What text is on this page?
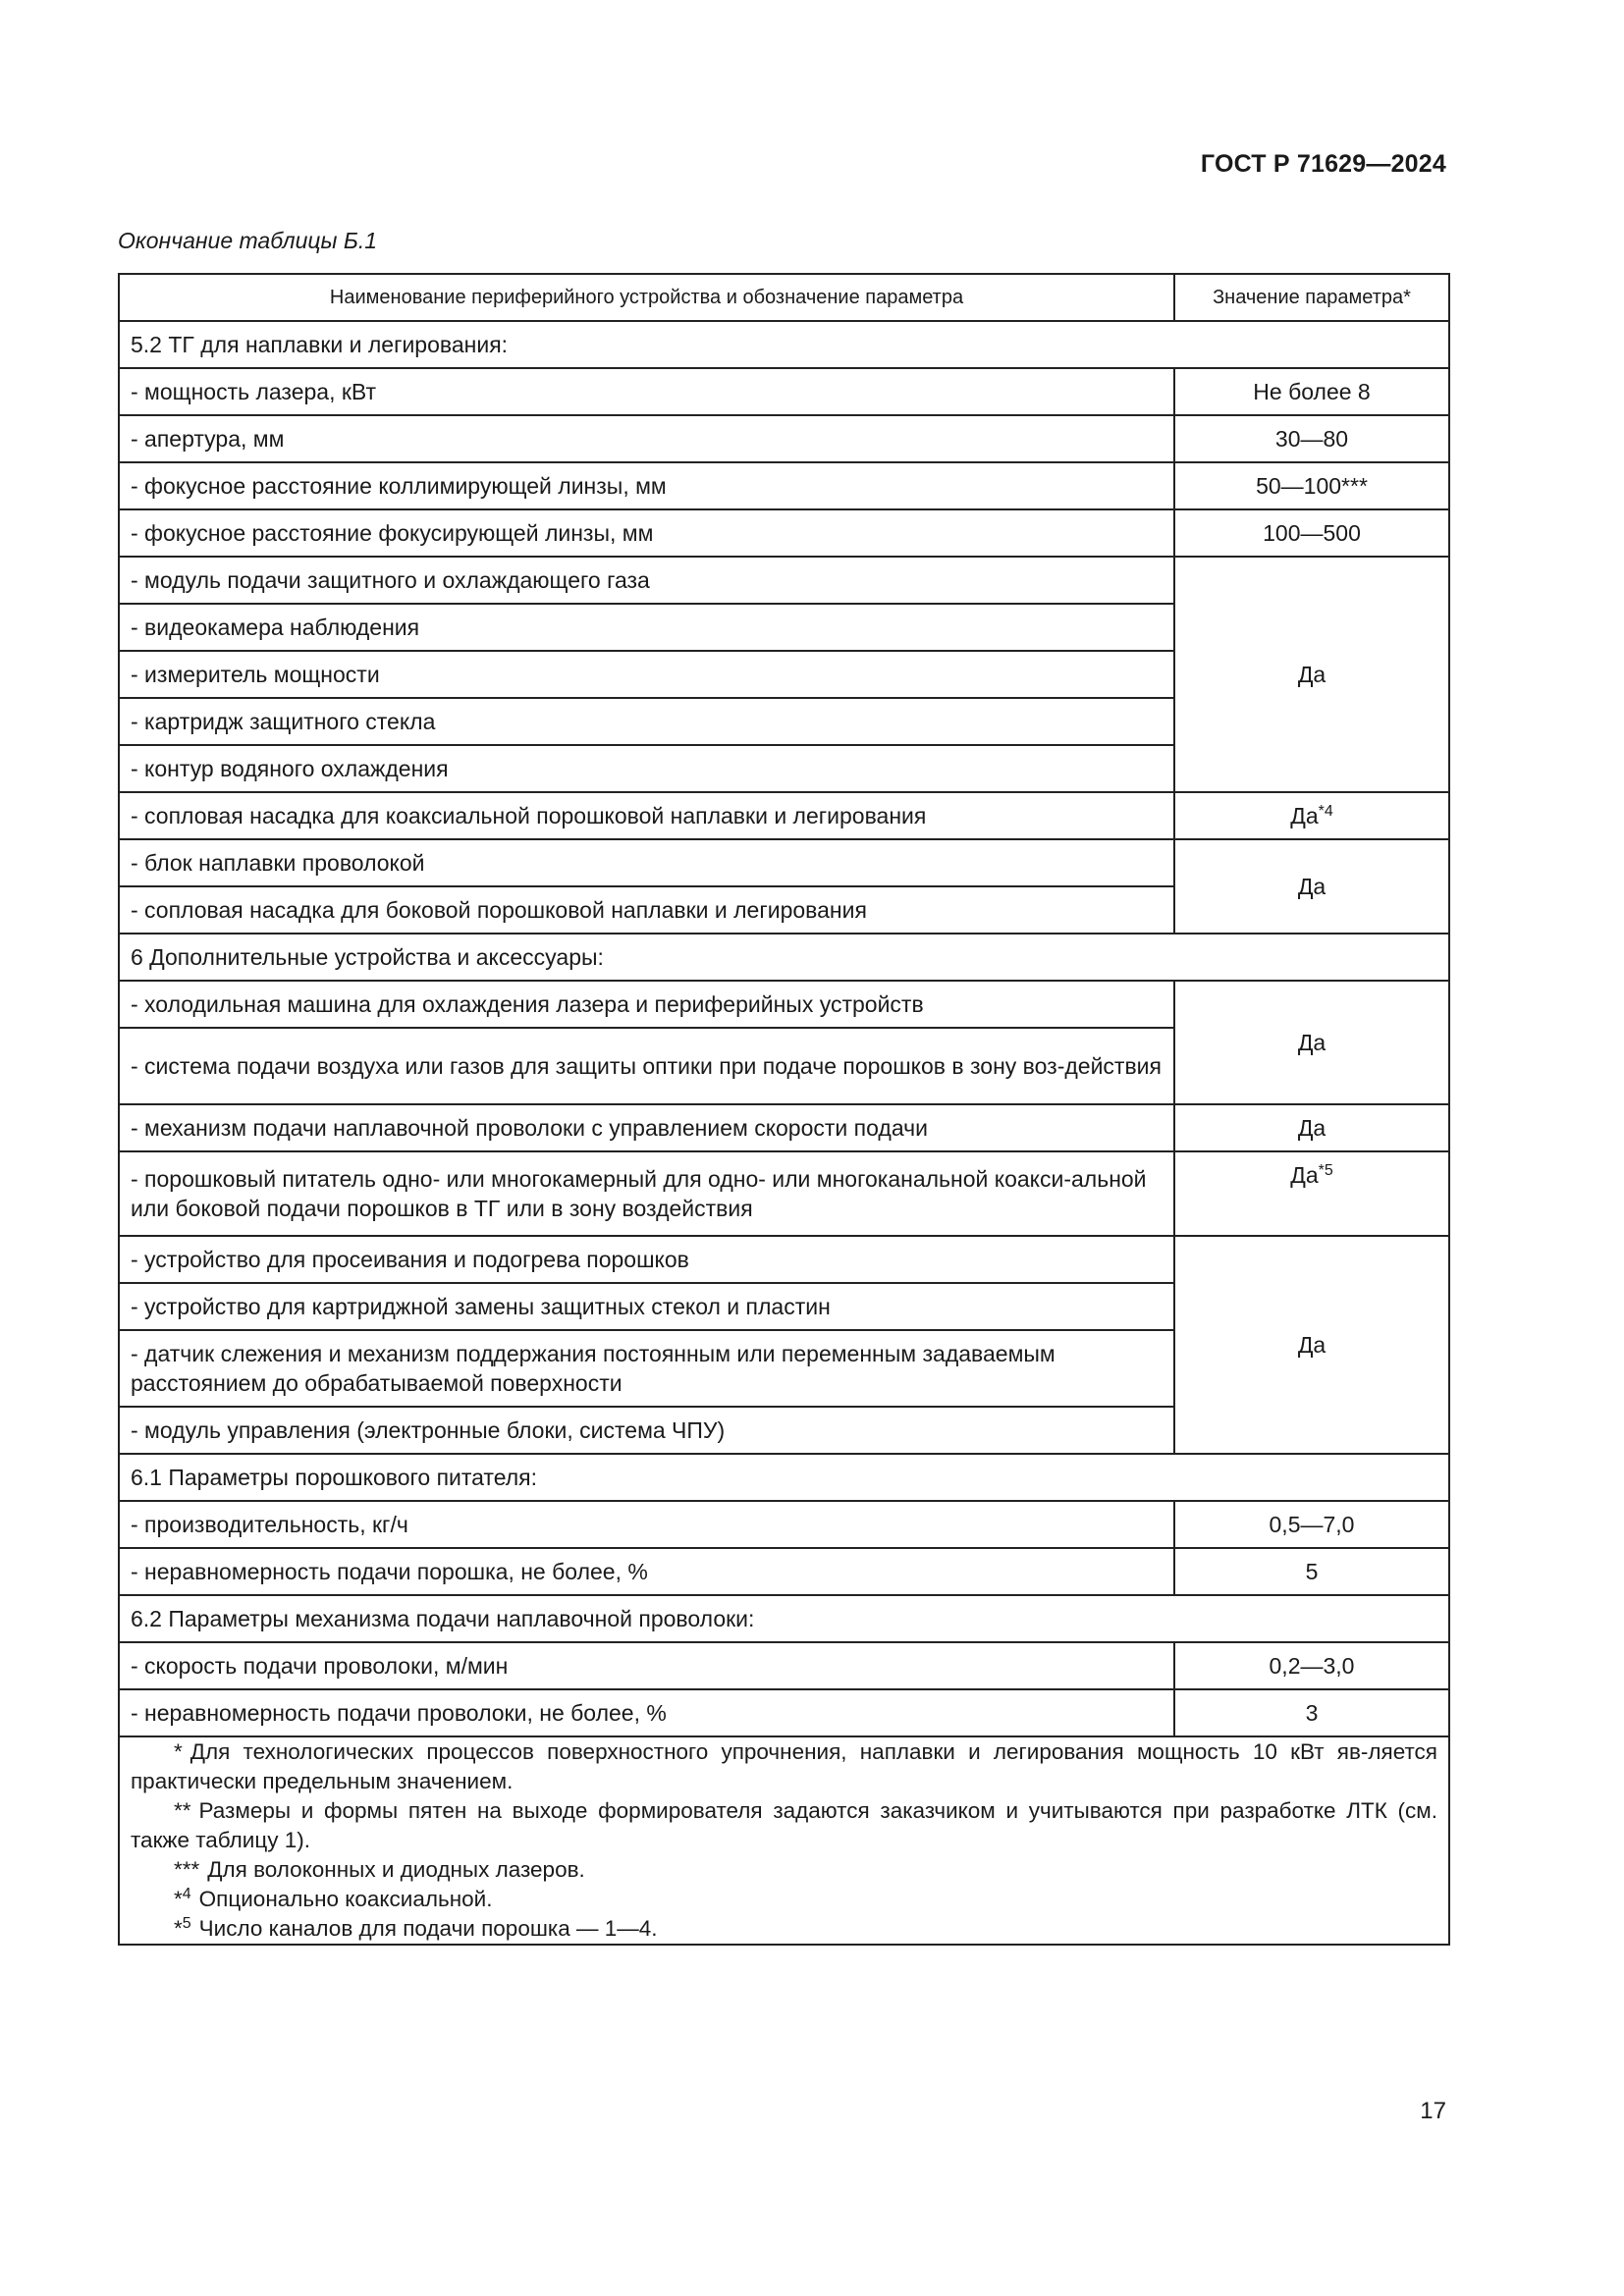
ГОСТ Р 71629—2024
Окончание таблицы Б.1
Наименование периферийного устройства и обозначение параметра	Значение параметра*
5.2 ТГ для наплавки и легирования:	
- мощность лазера, кВт	Не более 8
- апертура, мм	30—80
- фокусное расстояние коллимирующей линзы, мм	50—100***
- фокусное расстояние фокусирующей линзы, мм	100—500
- модуль подачи защитного и охлаждающего газа	Да
- видеокамера наблюдения	
- измеритель мощности	
- картридж защитного стекла	
- контур водяного охлаждения	
- сопловая насадка для коаксиальной порошковой наплавки и легирования	$Да^{*4}$
- блок наплавки проволокой	Да
- сопловая насадка для боковой порошковой наплавки и легирования	
6 Дополнительные устройства и аксессуары:	
- холодильная машина для охлаждения лазера и периферийных устройств	Да
- система подачи воздуха или газов для защиты оптики при подаче порошков в зону воз-действия	
- механизм подачи наплавочной проволоки с управлением скорости подачи	Да
- порошковый питатель одно- или многокамерный для одно- или многоканальной коакси-альной или боковой подачи порошков в ТГ или в зону воздействия	$Да^{*5}$
- устройство для просеивания и подогрева порошков	Да
- устройство для картриджной замены защитных стекол и пластин	
- датчик слежения и механизм поддержания постоянным или переменным задаваемым расстоянием до обрабатываемой поверхности	
- модуль управления (электронные блоки, система ЧПУ)	
6.1 Параметры порошкового питателя:	
- производительность, кг/ч	0,5—7,0
- неравномерность подачи порошка, не более, %	5
6.2 Параметры механизма подачи наплавочной проволоки:	
- скорость подачи проволоки, м/мин	0,2—3,0
- неравномерность подачи проволоки, не более, %	3

* Для технологических процессов поверхностного упрочнения, наплавки и легирования мощность 10 кВт яв-ляется практически предельным значением.
** Размеры и формы пятен на выходе формирователя задаются заказчиком и учитываются при разработке ЛТК (см. также таблицу 1).
*** Для волоконных и диодных лазеров.
*$^4$ Опционально коаксиальной.
*$^5$ Число каналов для подачи порошка — 1—4.	
17
